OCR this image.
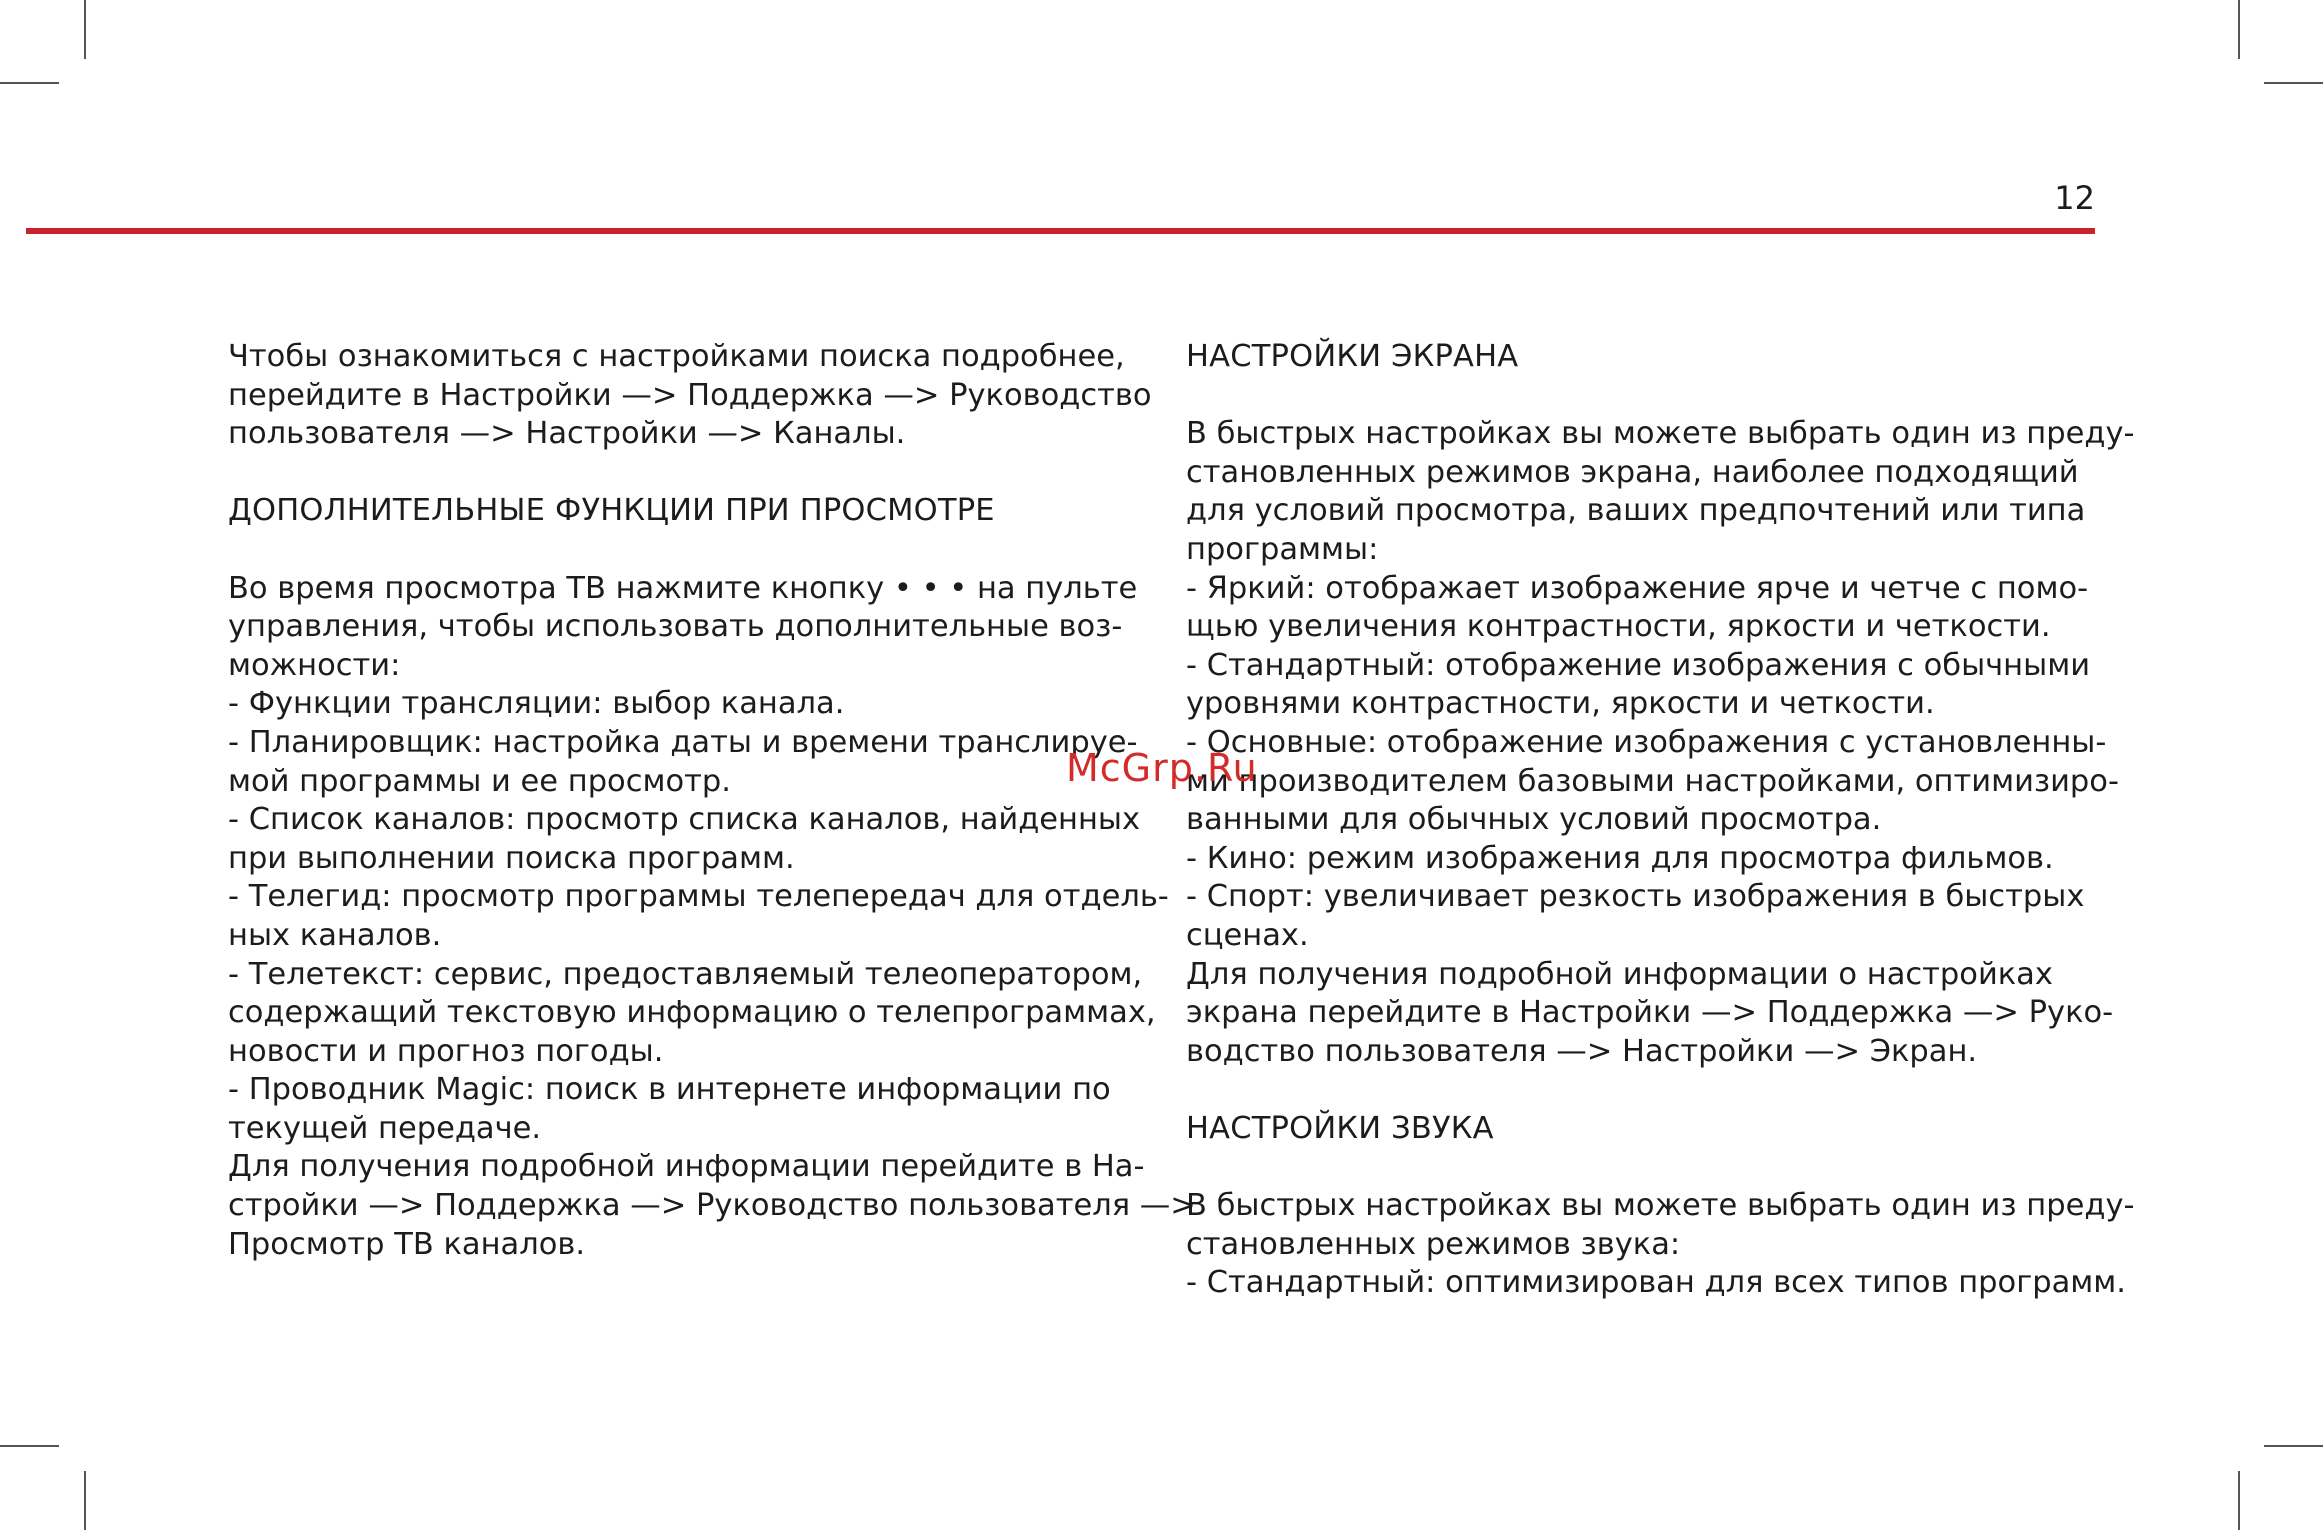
12
Чтобы ознакомиться с настройками поиска подробнее,
перейдите в Настройки —> Поддержка —> Руководство
пользователя —> Настройки —> Каналы.
ДОПОЛНИТЕЛЬНЫЕ ФУНКЦИИ ПРИ ПРОСМОТРЕ
Во время просмотра ТВ нажмите кнопку • • • на пульте
управления, чтобы использовать дополнительные воз-
можности:
- Функции трансляции: выбор канала.
- Планировщик: настройка даты и времени транслируе-
мой программы и ее просмотр.
- Список каналов: просмотр списка каналов, найденных
при выполнении поиска программ.
- Телегид: просмотр программы телепередач для отдель-
ных каналов.
- Телетекст: сервис, предоставляемый телеоператором,
содержащий текстовую информацию о телепрограммах,
новости и прогноз погоды.
- Проводник Magic: поиск в интернете информации по
текущей передаче.
Для получения подробной информации перейдите в На-
стройки —> Поддержка —> Руководство пользователя —>
Просмотр ТВ каналов.
НАСТРОЙКИ ЭКРАНА
В быстрых настройках вы можете выбрать один из преду-
становленных режимов экрана, наиболее подходящий
для условий просмотра, ваших предпочтений или типа
программы:
- Яркий: отображает изображение ярче и четче с помо-
щью увеличения контрастности, яркости и четкости.
- Стандартный: отображение изображения с обычными
уровнями контрастности, яркости и четкости.
- Основные: отображение изображения с установленны-
ми производителем базовыми настройками, оптимизиро-
ванными для обычных условий просмотра.
- Кино: режим изображения для просмотра фильмов.
- Спорт: увеличивает резкость изображения в быстрых
сценах.
Для получения подробной информации о настройках
экрана перейдите в Настройки —> Поддержка —> Руко-
водство пользователя —> Настройки —> Экран.
НАСТРОЙКИ ЗВУКА
В быстрых настройках вы можете выбрать один из преду-
становленных режимов звука:
- Стандартный: оптимизирован для всех типов программ.
McGrp.Ru
